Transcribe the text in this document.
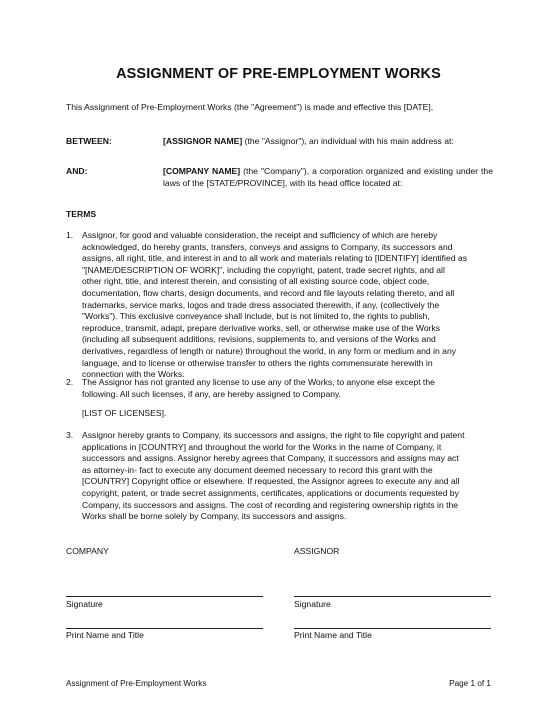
ASSIGNMENT OF PRE-EMPLOYMENT WORKS
This Assignment of Pre-Employment Works (the "Agreement") is made and effective this [DATE],
BETWEEN:	[ASSIGNOR NAME] (the "Assignor"), an individual with his main address at:
AND:	[COMPANY NAME] (the "Company"), a corporation organized and existing under the laws of the [STATE/PROVINCE], with its head office located at:
TERMS
1. Assignor, for good and valuable consideration, the receipt and sufficiency of which are hereby
acknowledged, do hereby grants, transfers, conveys and assigns to Company, its successors and
assigns, all right, title, and interest in and to all work and materials relating to [IDENTIFY] identified as
"[NAME/DESCRIPTION OF WORK]", including the copyright, patent, trade secret rights, and all
other right, title, and interest therein, and consisting of all existing source code, object code,
documentation, flow charts, design documents, and record and file layouts relating thereto, and all
trademarks, service marks, logos and trade dress associated therewith, if any, (collectively the
"Works"). This exclusive conveyance shall include, but is not limited to, the rights to publish,
reproduce, transmit, adapt, prepare derivative works, sell, or otherwise make use of the Works
(including all subsequent additions, revisions, supplements to, and versions of the Works and
derivatives, regardless of length or nature) throughout the world, in any form or medium and in any
language, and to license or otherwise transfer to others the rights commensurate herewith in
connection with the Works.
2. The Assignor has not granted any license to use any of the Works, to anyone else except the
following. All such licenses, if any, are hereby assigned to Company.
[LIST OF LICENSES].
3. Assignor hereby grants to Company, its successors and assigns, the right to file copyright and patent
applications in [COUNTRY] and throughout the world for the Works in the name of Company, it
successors and assigns. Assignor hereby agrees that Company, it successors and assigns may act
as attorney-in- fact to execute any document deemed necessary to record this grant with the
[COUNTRY] Copyright office or elsewhere. If requested, the Assignor agrees to execute any and all
copyright, patent, or trade secret assignments, certificates, applications or documents requested by
Company, its successors and assigns. The cost of recording and registering ownership rights in the
Works shall be borne solely by Company, its successors and assigns.
COMPANY	ASSIGNOR
Signature	Signature
Print Name and Title	Print Name and Title
Assignment of Pre-Employment Works	Page 1 of 1
